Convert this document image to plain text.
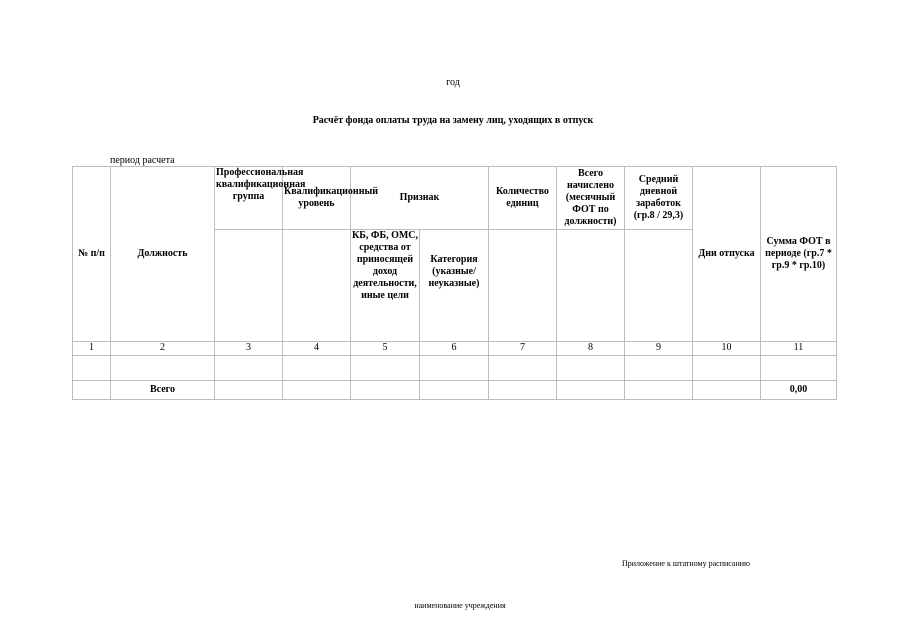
год
Расчёт фонда оплаты труда на замену лиц, уходящих в отпуск
период расчета
№ п/п	Должность	Профессиональная квалификационная группа	Квалификационный уровень	Признак		Количество единиц	Всего начислено (месячный ФОТ по должности)	Средний дневной заработок (гр.8 / 29,3)	Дни отпуска	Сумма ФОТ в периоде (гр.7 * гр.9 * гр.10)
				КБ, ФБ, ОМС, средства от приносящей доход деятельности, иные цели	Категория (указные/неуказные)					
1	2	3	4	5	6	7	8	9	10	11

	Всего									0,00
Приложение к штатному расписанию
наименование учреждения
